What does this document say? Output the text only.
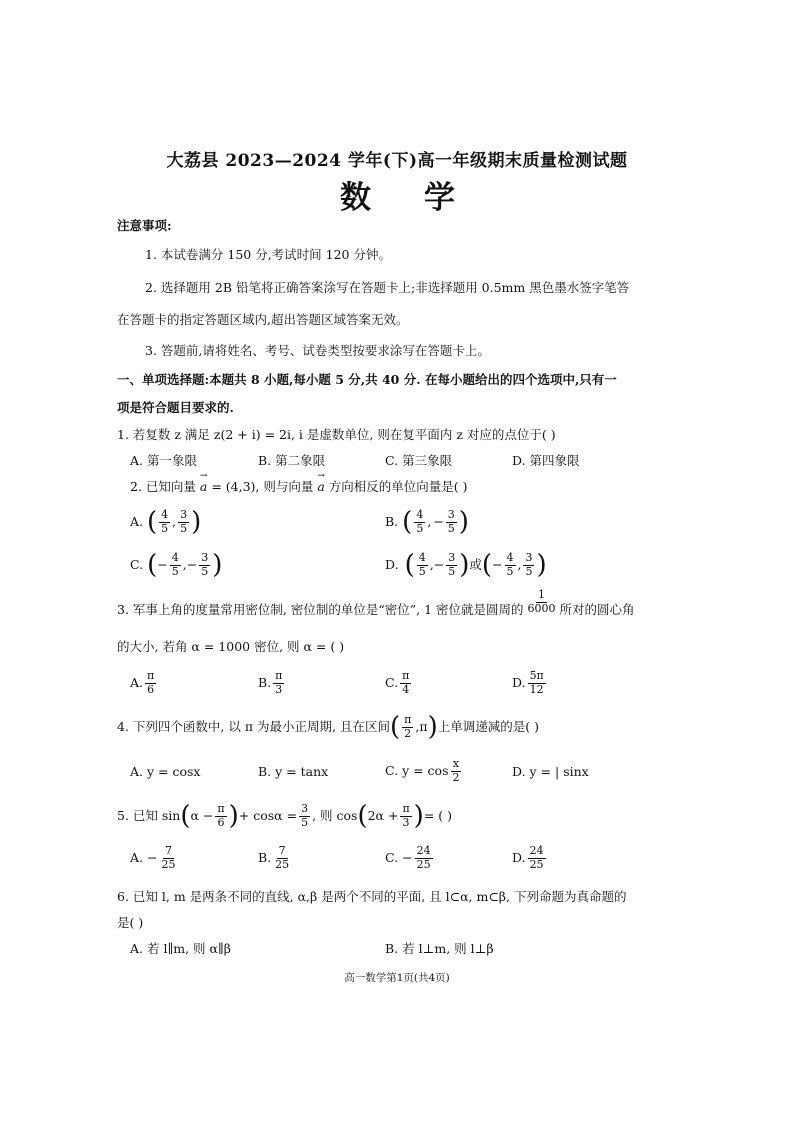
大荔县 2023—2024 学年(下)高一年级期末质量检测试题
数 学
注意事项:
1. 本试卷满分 150 分,考试时间 120 分钟。
2. 选择题用 2B 铅笔将正确答案涂写在答题卡上;非选择题用 0.5mm 黑色墨水签字笔答
在答题卡的指定答题区域内,超出答题区域答案无效。
3. 答题前,请将姓名、考号、试卷类型按要求涂写在答题卡上。
一、单项选择题:本题共 8 小题,每小题 5 分,共 40 分. 在每小题给出的四个选项中,只有一
项是符合题目要求的.
1. 若复数 z 满足 z(2 + i) = 2i, i 是虚数单位, 则在复平面内 z 对应的点位于( )
A. 第一象限	B. 第二象限	C. 第三象限	D. 第四象限
2. 已知向量
→
a = (4,3), 则与向量
→
a 方向相反的单位向量是( )
A. ( $\frac{4}{5}$ , $\frac{3}{5}$ )	B. ( $\frac{4}{5}$ , − $\frac{3}{5}$ )
C. ( − $\frac{4}{5}$ , − $\frac{3}{5}$ )	D. ( $\frac{4}{5}$ , − $\frac{3}{5}$ ) 或 ( − $\frac{4}{5}$ , $\frac{3}{5}$ )
3. 军事上角的度量常用密位制, 密位制的单位是“密位”, 1 密位就是圆周的 $\frac{1}{6000}$ 所对的圆心角
的大小, 若角 α = 1000 密位, 则 α = ( )
A. $\frac{\pi}{6}$	B. $\frac{\pi}{3}$	C. $\frac{\pi}{4}$	D. $\frac{5\pi}{12}$
4. 下列四个函数中, 以 π 为最小正周期, 且在区间 ( $\frac{\pi}{2} ,\pi$ ) 上单调递减的是( )
A. y = cosx	B. y = tanx	C. $y = \cos \frac{x}{2}$	D. y = | sinx
5. 已知 sin ( $\alpha - \frac{\pi}{6}$ ) + $\cos\alpha = \frac{3}{5}$ , 则 cos ( $2\alpha + \frac{\pi}{3}$ ) = ( )
A. − $\frac{7}{25}$	B. $\frac{7}{25}$	C. − $\frac{24}{25}$	D. $\frac{24}{25}$
6. 已知 l, m 是两条不同的直线, α,β 是两个不同的平面, 且 l⊂α, m⊂β, 下列命题为真命题的
是( )
A. 若 l∥m, 则 α∥β	B. 若 l⊥m, 则 l⊥β
高一数学第1页(共4页)
